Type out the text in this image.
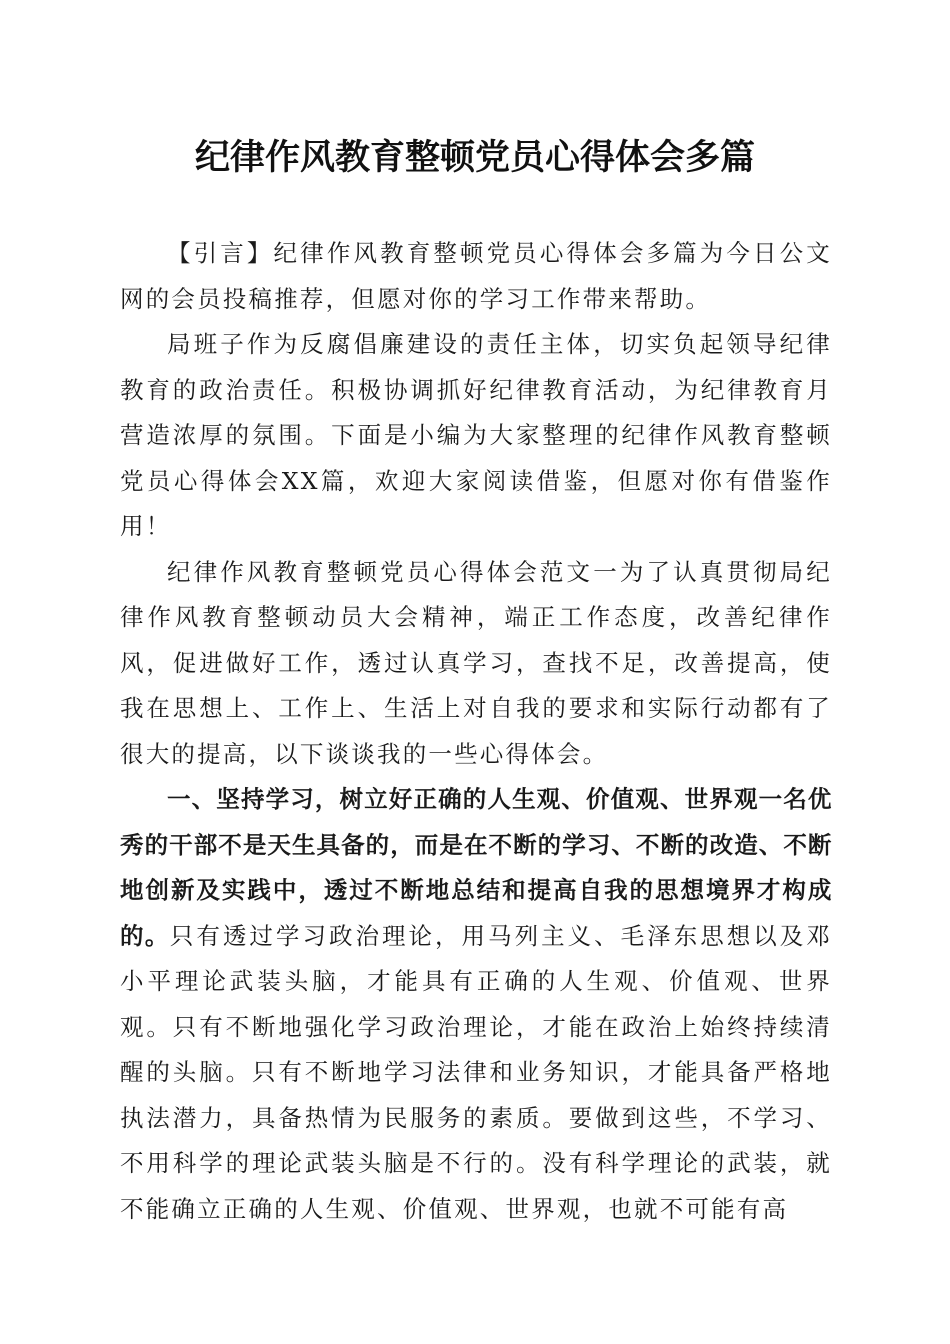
纪律作风教育整顿党员心得体会多篇

【引言】纪律作风教育整顿党员心得体会多篇为今日公文网的会员投稿推荐，但愿对你的学习工作带来帮助。

局班子作为反腐倡廉建设的责任主体，切实负起领导纪律教育的政治责任。积极协调抓好纪律教育活动，为纪律教育月营造浓厚的氛围。下面是小编为大家整理的纪律作风教育整顿党员心得体会XX篇，欢迎大家阅读借鉴，但愿对你有借鉴作用！

纪律作风教育整顿党员心得体会范文一为了认真贯彻局纪律作风教育整顿动员大会精神，端正工作态度，改善纪律作风，促进做好工作，透过认真学习，查找不足，改善提高，使我在思想上、工作上、生活上对自我的要求和实际行动都有了很大的提高，以下谈谈我的一些心得体会。

一、坚持学习，树立好正确的人生观、价值观、世界观一名优秀的干部不是天生具备的，而是在不断的学习、不断的改造、不断地创新及实践中，透过不断地总结和提高自我的思想境界才构成的。只有透过学习政治理论，用马列主义、毛泽东思想以及邓小平理论武装头脑，才能具有正确的人生观、价值观、世界观。只有不断地强化学习政治理论，才能在政治上始终持续清醒的头脑。只有不断地学习法律和业务知识，才能具备严格地执法潜力，具备热情为民服务的素质。要做到这些，不学习、不用科学的理论武装头脑是不行的。没有科学理论的武装，就不能确立正确的人生观、价值观、世界观，也就不可能有高
